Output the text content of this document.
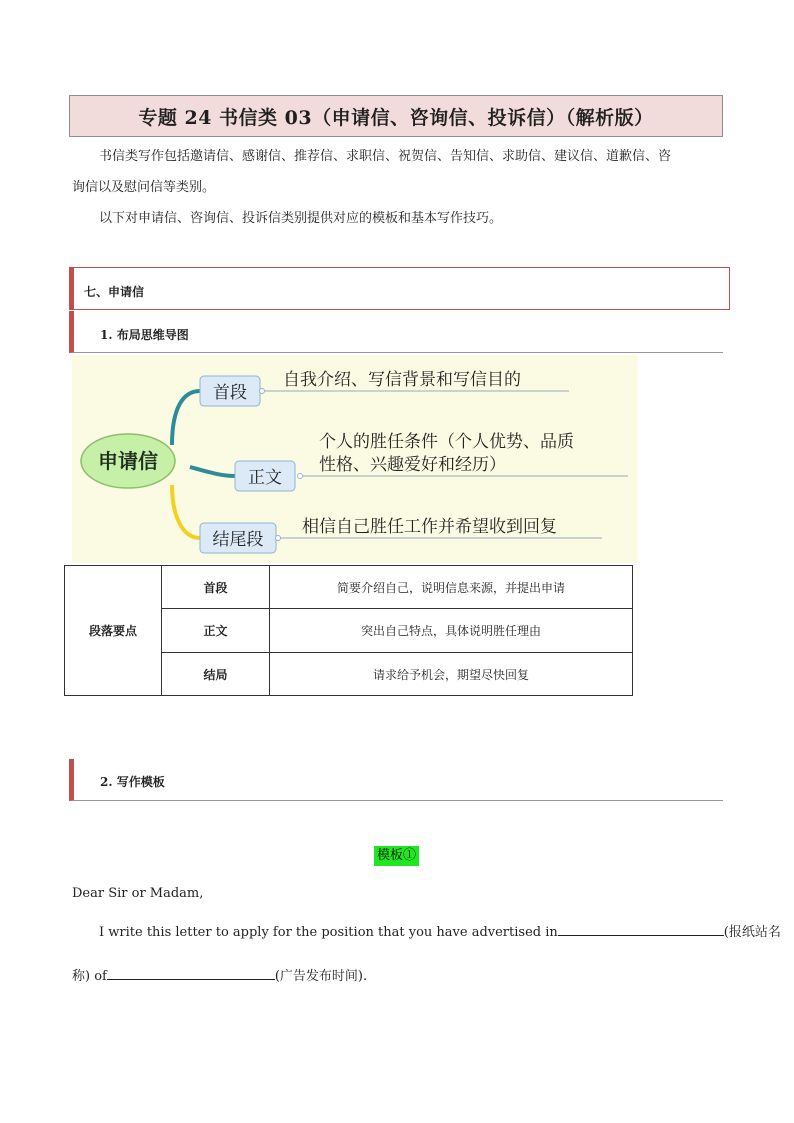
专题 24 书信类 03（申请信、咨询信、投诉信）（解析版）
书信类写作包括邀请信、感谢信、推荐信、求职信、祝贺信、告知信、求助信、建议信、道歉信、咨
询信以及慰问信等类别。
以下对申请信、咨询信、投诉信类别提供对应的模板和基本写作技巧。
七、申请信
1. 布局思维导图
申请信
首段
正文
结尾段
自我介绍、写信背景和写信目的
个人的胜任条件（个人优势、品质
性格、兴趣爱好和经历）
相信自己胜任工作并希望收到回复
段落要点	首段	简要介绍自己，说明信息来源，并提出申请
	正文	突出自己特点，具体说明胜任理由
	结局	请求给予机会，期望尽快回复
2. 写作模板
模板①
Dear Sir or Madam,
I write this letter to apply for the position that you have advertised in	(报纸站名
称) of	(广告发布时间).
